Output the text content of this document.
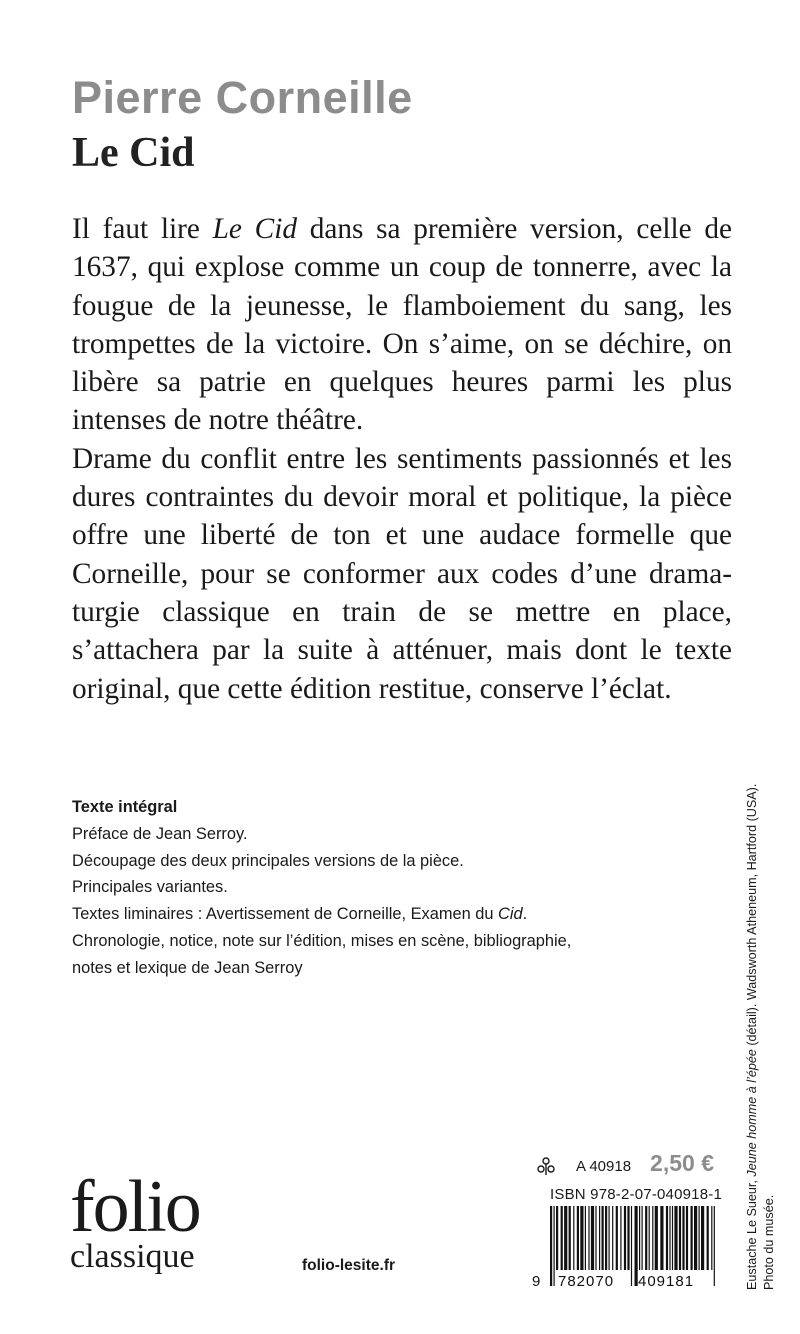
Pierre Corneille
Le Cid

Il faut lire Le Cid dans sa première version, celle de 1637, qui explose comme un coup de tonnerre, avec la fougue de la jeunesse, le flamboiement du sang, les trompettes de la victoire. On s’aime, on se déchire, on libère sa patrie en quelques heures parmi les plus intenses de notre théâtre.

Drame du conflit entre les sentiments passionnés et les dures contraintes du devoir moral et politique, la pièce offre une liberté de ton et une audace formelle que Corneille, pour se conformer aux codes d’une dramaturgie classique en train de se mettre en place, s’attachera par la suite à atténuer, mais dont le texte original, que cette édition restitue, conserve l’éclat.

Texte intégral
Préface de Jean Serroy.
Découpage des deux principales versions de la pièce.
Principales variantes.
Textes liminaires : Avertissement de Corneille, Examen du Cid.
Chronologie, notice, note sur l’édition, mises en scène, bibliographie,
notes et lexique de Jean Serroy
Eustache Le Sueur, Jeune homme à l’épée (détail). Wadsworth Atheneum, Hartford (USA).
Photo du musée.
A 40918 2,50 €
ISBN 978-2-07-040918-1
9 782070 409181
folio
classique	folio-lesite.fr
